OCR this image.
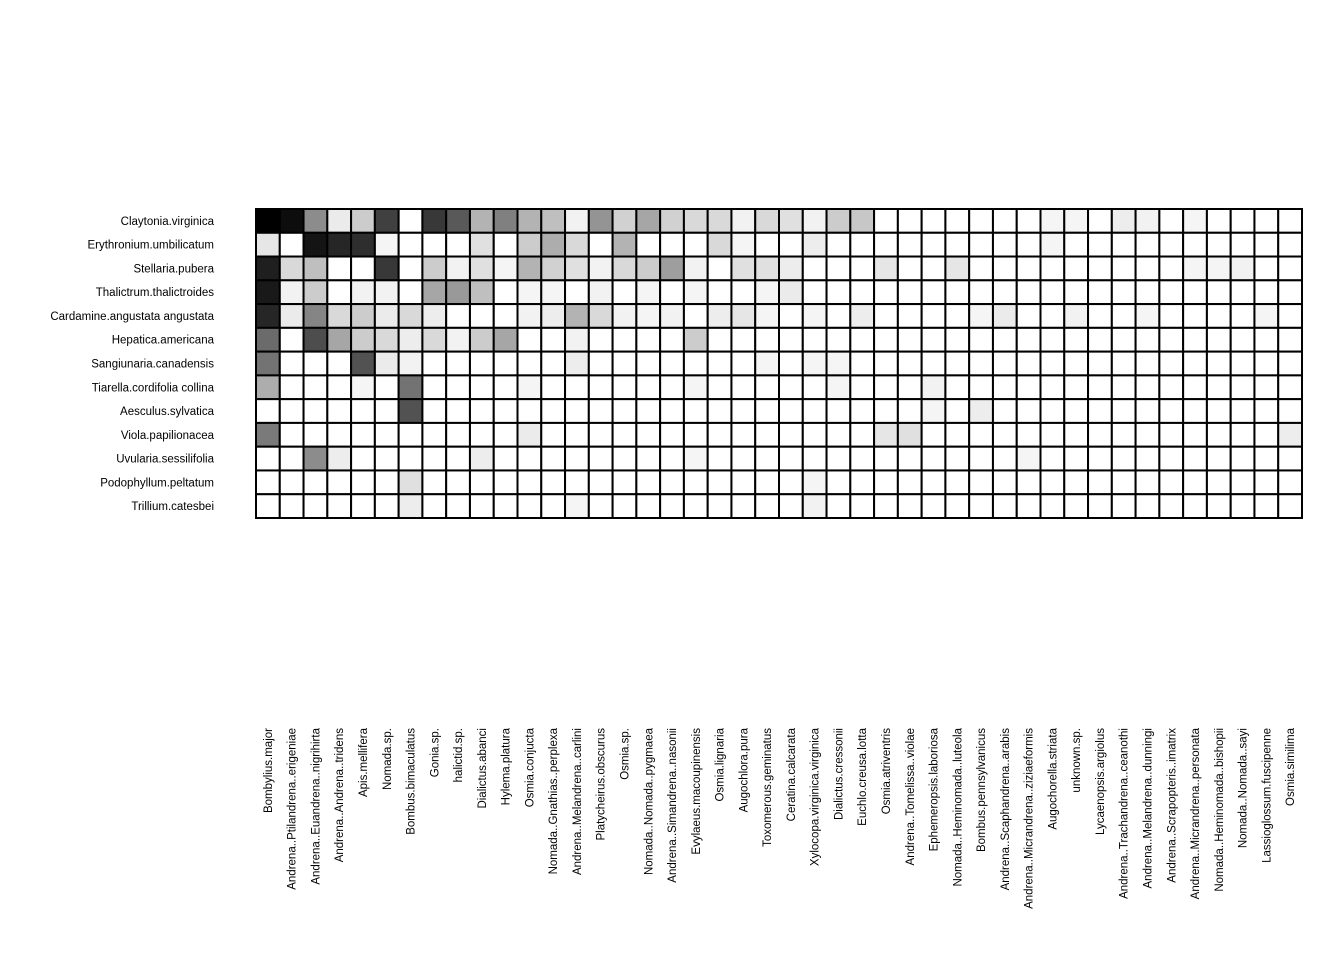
Claytonia.virginica
Erythronium.umbilicatum
Stellaria.pubera
Thalictrum.thalictroides
Cardamine.angustata angustata
Hepatica.americana
Sangiunaria.canadensis
Tiarella.cordifolia collina
Aesculus.sylvatica
Viola.papilionacea
Uvularia.sessilifolia
Podophyllum.peltatum
Trillium.catesbei
Bombylius.major Andrena..Ptilandrena..erigeniae Andrena..Euandrena..nigrihirta Andrena..Andrena..tridens Apis.mellifera Nomada.sp. Bombus.bimaculatus Gonia.sp. halictid.sp. Dialictus.abanci Hylema.platura Osmia.conjucta Nomada..Gnathias..perplexa Andrena..Melandrena..carlini Platycheirus.obscurus Osmia.sp. Nomada..Nomada..pygmaea Andrena..Simandrena..nasonii Evylaeus.macoupinensis Osmia.lignaria Augochlora.pura Toxomerous.geminatus Ceratina.calcarata Xylocopa.virginica.virginica Dialictus.cressonii Euchlo.creusa.lotta Osmia.atriventris Andrena..Tomelissa..violae Ephemeropsis.laboriosa Nomada..Heminomada..luteola Bombus.pennsylvanicus Andrena..Scaphandrena..arabis Andrena..Micrandrena..ziziaeformis Augochorella.striata unknown.sp. Lycaenopsis.argiolus Andrena..Trachandrena..ceanothi Andrena..Melandrena..dunningi Andrena..Scrapopteris..imatrix Andrena..Micrandrena..personata Nomada..Heminomada..bishopii Nomada..Nomada..sayi Lassioglossum.fuscipenne Osmia.similima
